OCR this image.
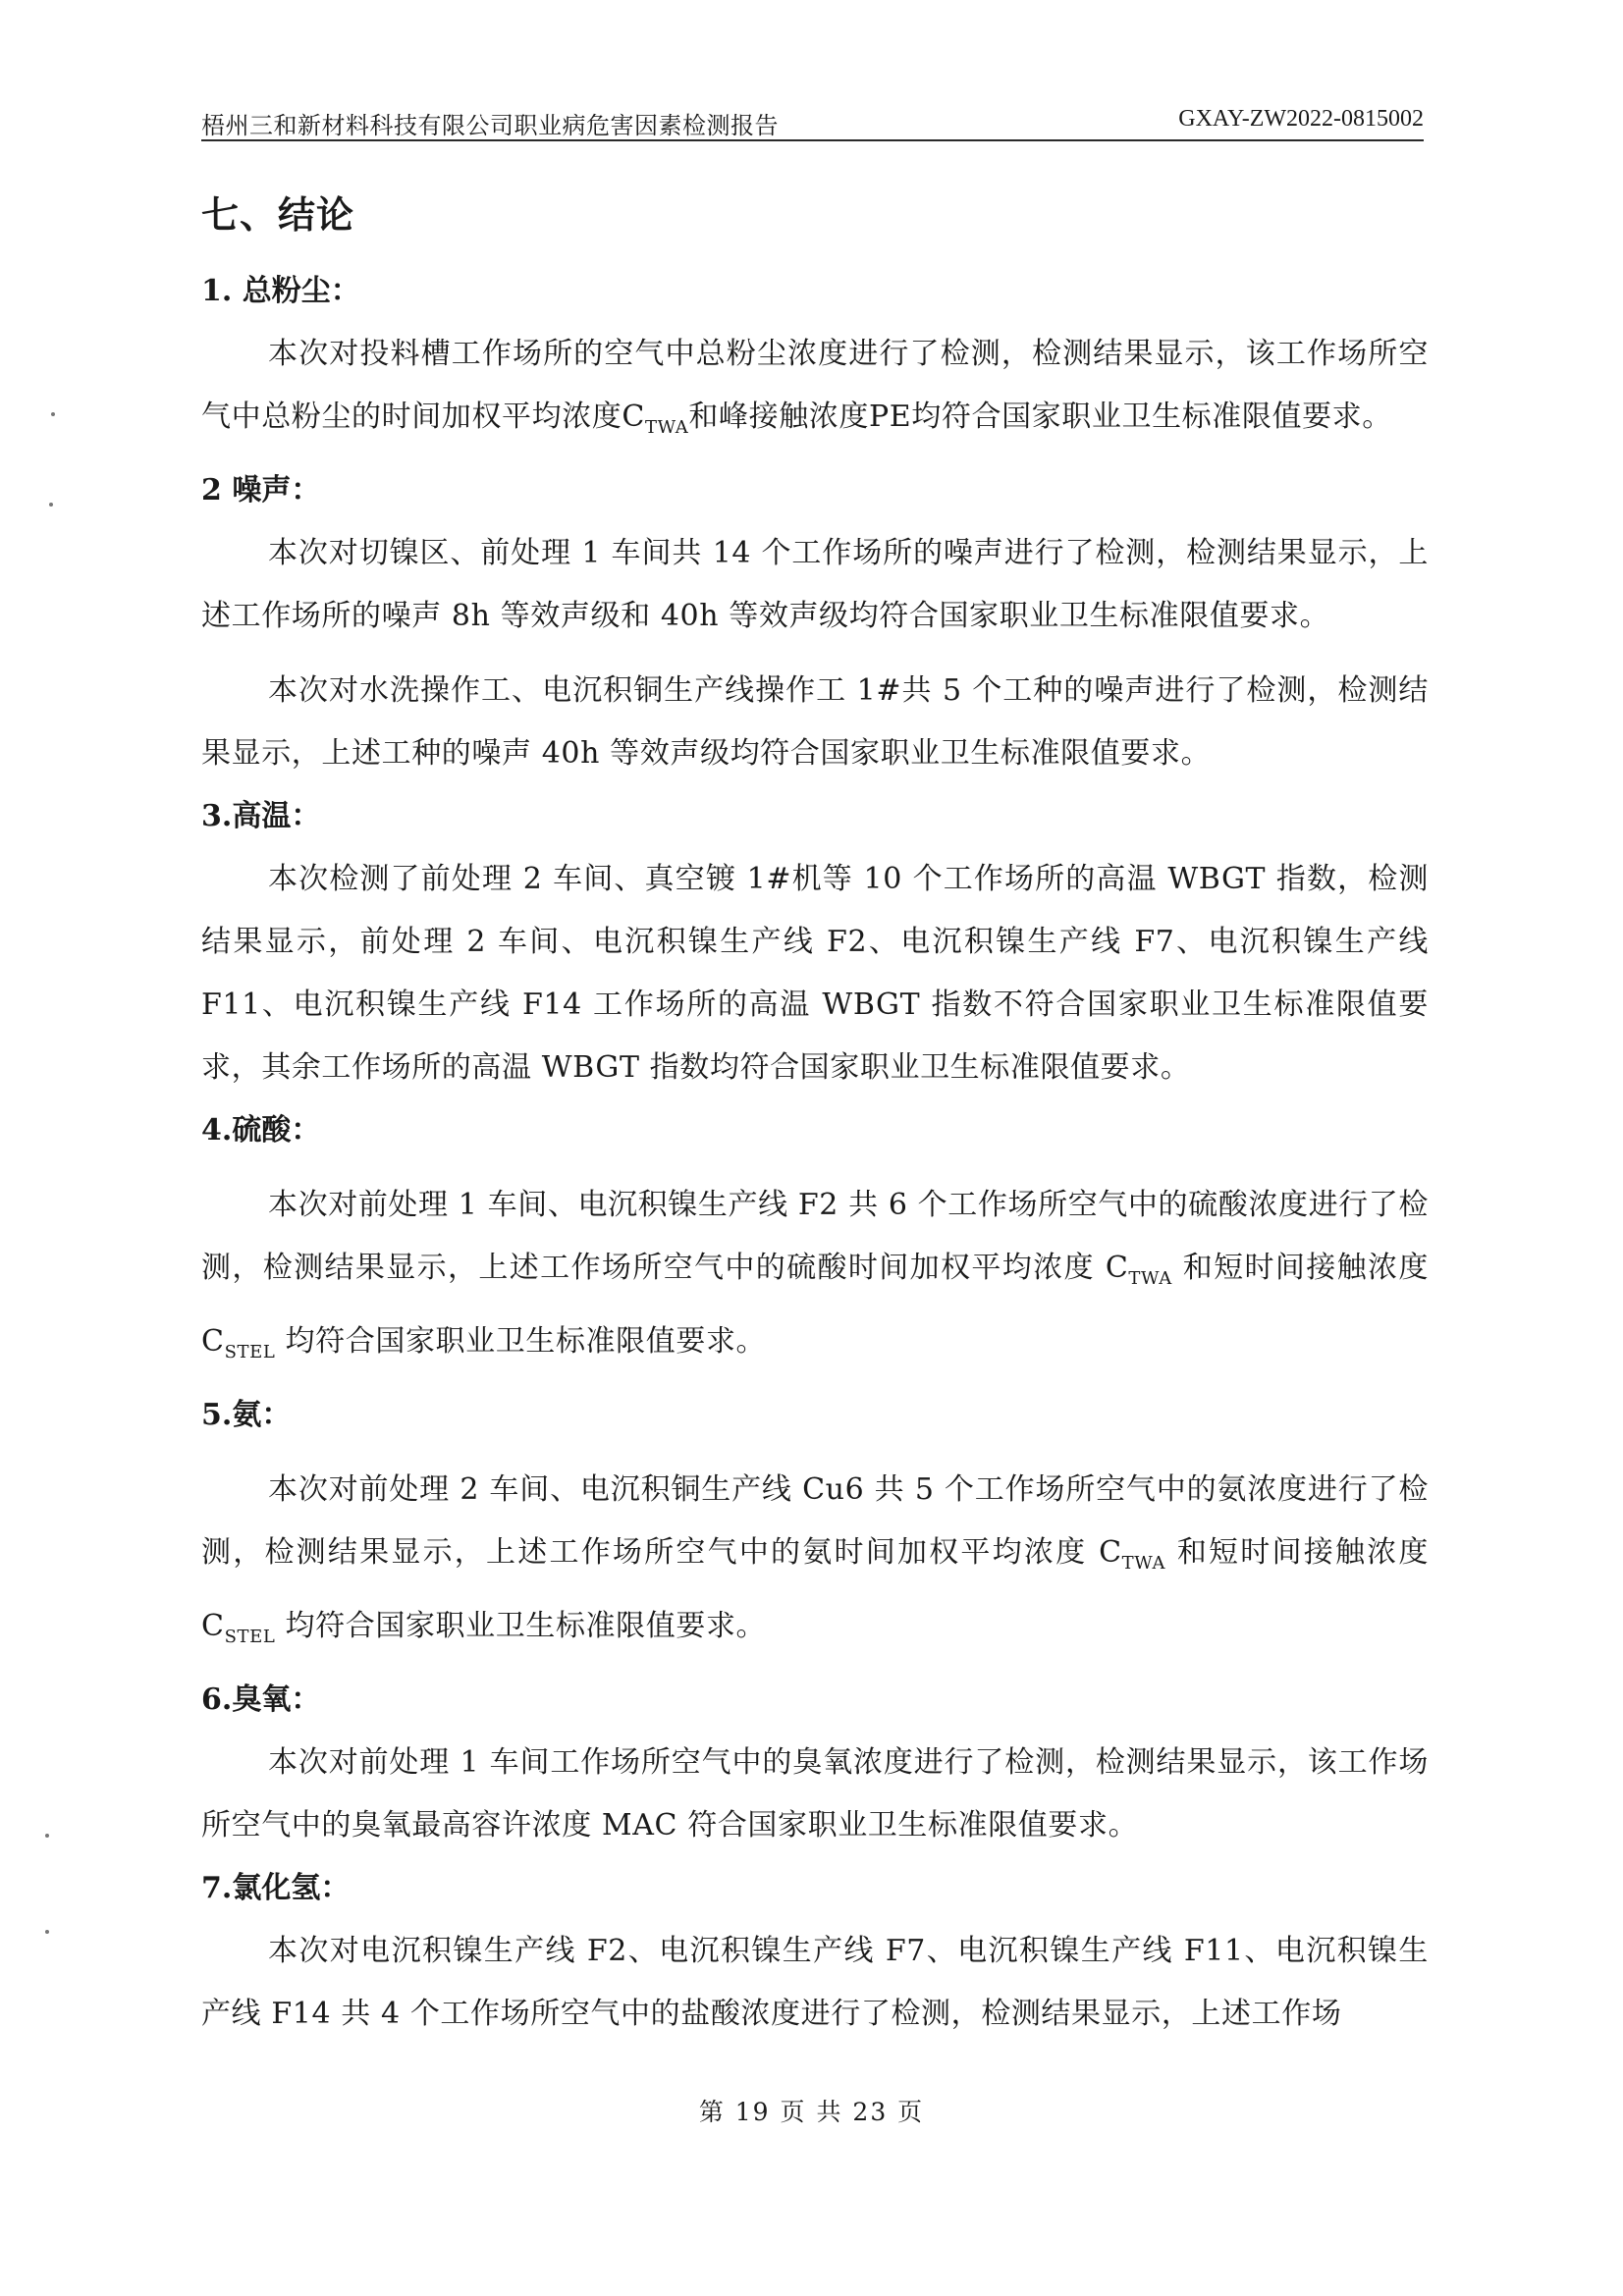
梧州三和新材料科技有限公司职业病危害因素检测报告	GXAY-ZW2022-0815002
七、结论
1. 总粉尘：

本次对投料槽工作场所的空气中总粉尘浓度进行了检测，检测结果显示，该工作场所空气中总粉尘的时间加权平均浓度$C_{TWA}$和峰接触浓度PE均符合国家职业卫生标准限值要求。

2 噪声：

本次对切镍区、前处理 1 车间共 14 个工作场所的噪声进行了检测，检测结果显示，上述工作场所的噪声 8h 等效声级和 40h 等效声级均符合国家职业卫生标准限值要求。

本次对水洗操作工、电沉积铜生产线操作工 1#共 5 个工种的噪声进行了检测，检测结果显示，上述工种的噪声 40h 等效声级均符合国家职业卫生标准限值要求。

3.高温：

本次检测了前处理 2 车间、真空镀 1#机等 10 个工作场所的高温 WBGT 指数，检测结果显示，前处理 2 车间、电沉积镍生产线 F2、电沉积镍生产线 F7、电沉积镍生产线 F11、电沉积镍生产线 F14 工作场所的高温 WBGT 指数不符合国家职业卫生标准限值要求，其余工作场所的高温 WBGT 指数均符合国家职业卫生标准限值要求。

4.硫酸：

本次对前处理 1 车间、电沉积镍生产线 F2 共 6 个工作场所空气中的硫酸浓度进行了检测，检测结果显示，上述工作场所空气中的硫酸时间加权平均浓度 $C_{TWA}$ 和短时间接触浓度 $C_{STEL}$ 均符合国家职业卫生标准限值要求。

5.氨：

本次对前处理 2 车间、电沉积铜生产线 Cu6 共 5 个工作场所空气中的氨浓度进行了检测，检测结果显示，上述工作场所空气中的氨时间加权平均浓度 $C_{TWA}$ 和短时间接触浓度 $C_{STEL}$ 均符合国家职业卫生标准限值要求。

6.臭氧：

本次对前处理 1 车间工作场所空气中的臭氧浓度进行了检测，检测结果显示，该工作场所空气中的臭氧最高容许浓度 MAC 符合国家职业卫生标准限值要求。

7.氯化氢：

本次对电沉积镍生产线 F2、电沉积镍生产线 F7、电沉积镍生产线 F11、电沉积镍生产线 F14 共 4 个工作场所空气中的盐酸浓度进行了检测，检测结果显示，上述工作场

第 19 页 共 23 页
